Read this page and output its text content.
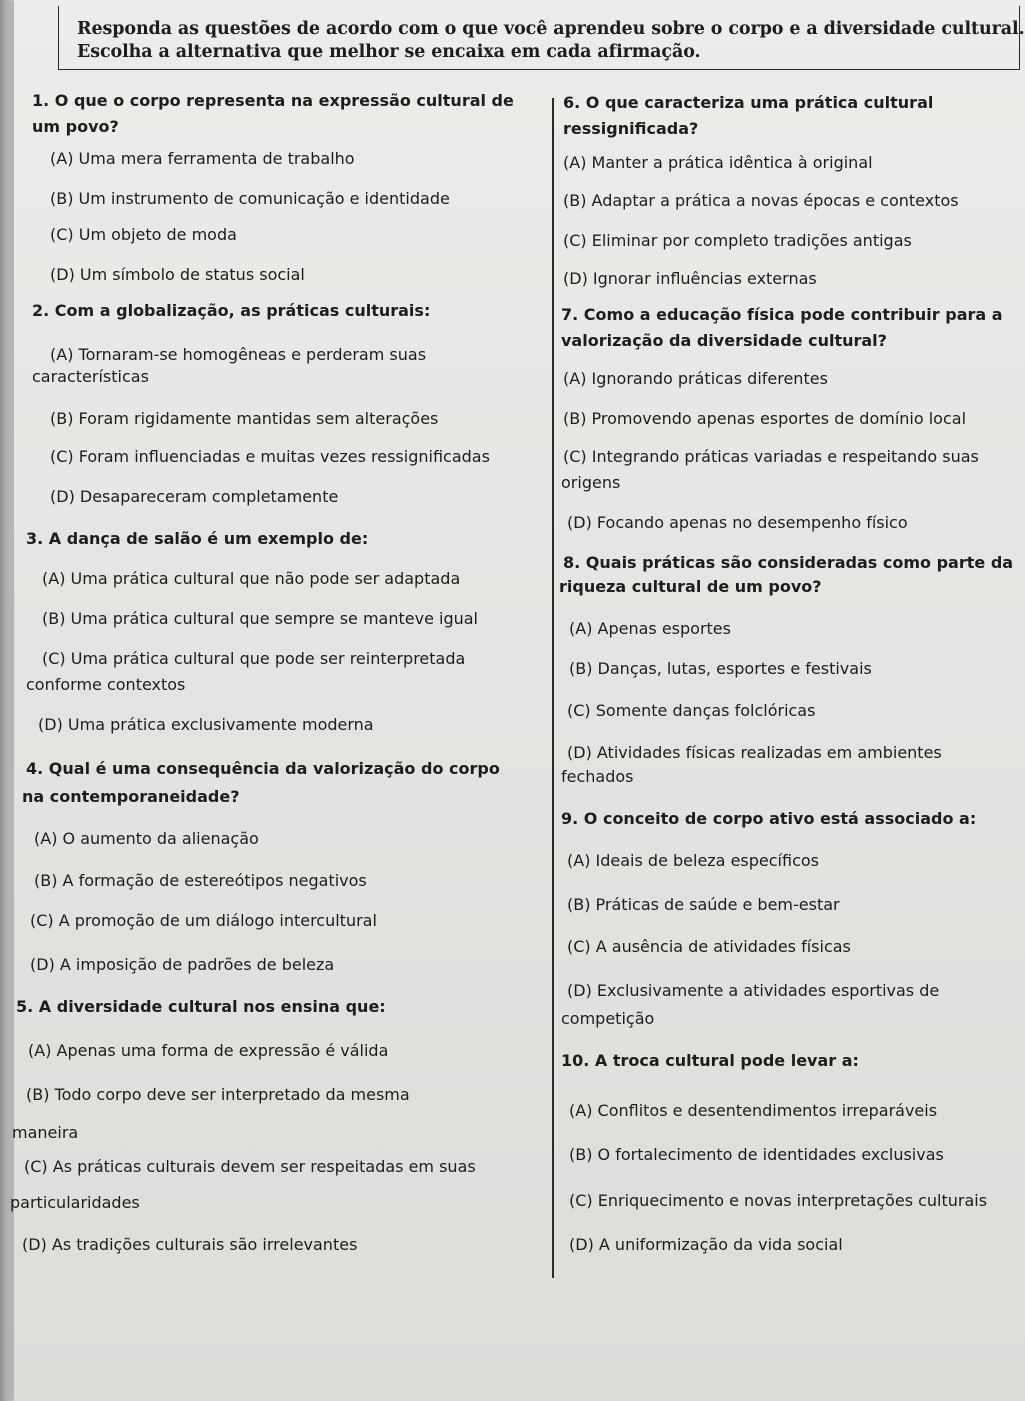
Responda as questões de acordo com o que você aprendeu sobre o corpo e a diversidade cultural.
Escolha a alternativa que melhor se encaixa em cada afirmação.

1. O que o corpo representa na expressão cultural de

um povo?

(A) Uma mera ferramenta de trabalho

(B) Um instrumento de comunicação e identidade

(C) Um objeto de moda

(D) Um símbolo de status social

2. Com a globalização, as práticas culturais:

(A) Tornaram-se homogêneas e perderam suas

características

(B) Foram rigidamente mantidas sem alterações

(C) Foram influenciadas e muitas vezes ressignificadas

(D) Desapareceram completamente

3. A dança de salão é um exemplo de:

(A) Uma prática cultural que não pode ser adaptada

(B) Uma prática cultural que sempre se manteve igual

(C) Uma prática cultural que pode ser reinterpretada

conforme contextos

(D) Uma prática exclusivamente moderna

4. Qual é uma consequência da valorização do corpo

na contemporaneidade?

(A) O aumento da alienação

(B) A formação de estereótipos negativos

(C) A promoção de um diálogo intercultural

(D) A imposição de padrões de beleza

5. A diversidade cultural nos ensina que:

(A) Apenas uma forma de expressão é válida

(B) Todo corpo deve ser interpretado da mesma

maneira

(C) As práticas culturais devem ser respeitadas em suas

particularidades

(D) As tradições culturais são irrelevantes

6. O que caracteriza uma prática cultural

ressignificada?

(A) Manter a prática idêntica à original

(B) Adaptar a prática a novas épocas e contextos

(C) Eliminar por completo tradições antigas

(D) Ignorar influências externas

7. Como a educação física pode contribuir para a

valorização da diversidade cultural?

(A) Ignorando práticas diferentes

(B) Promovendo apenas esportes de domínio local

(C) Integrando práticas variadas e respeitando suas

origens

(D) Focando apenas no desempenho físico

8. Quais práticas são consideradas como parte da

riqueza cultural de um povo?

(A) Apenas esportes

(B) Danças, lutas, esportes e festivais

(C) Somente danças folclóricas

(D) Atividades físicas realizadas em ambientes

fechados

9. O conceito de corpo ativo está associado a:

(A) Ideais de beleza específicos

(B) Práticas de saúde e bem-estar

(C) A ausência de atividades físicas

(D) Exclusivamente a atividades esportivas de

competição

10. A troca cultural pode levar a:

(A) Conflitos e desentendimentos irreparáveis

(B) O fortalecimento de identidades exclusivas

(C) Enriquecimento e novas interpretações culturais

(D) A uniformização da vida social
